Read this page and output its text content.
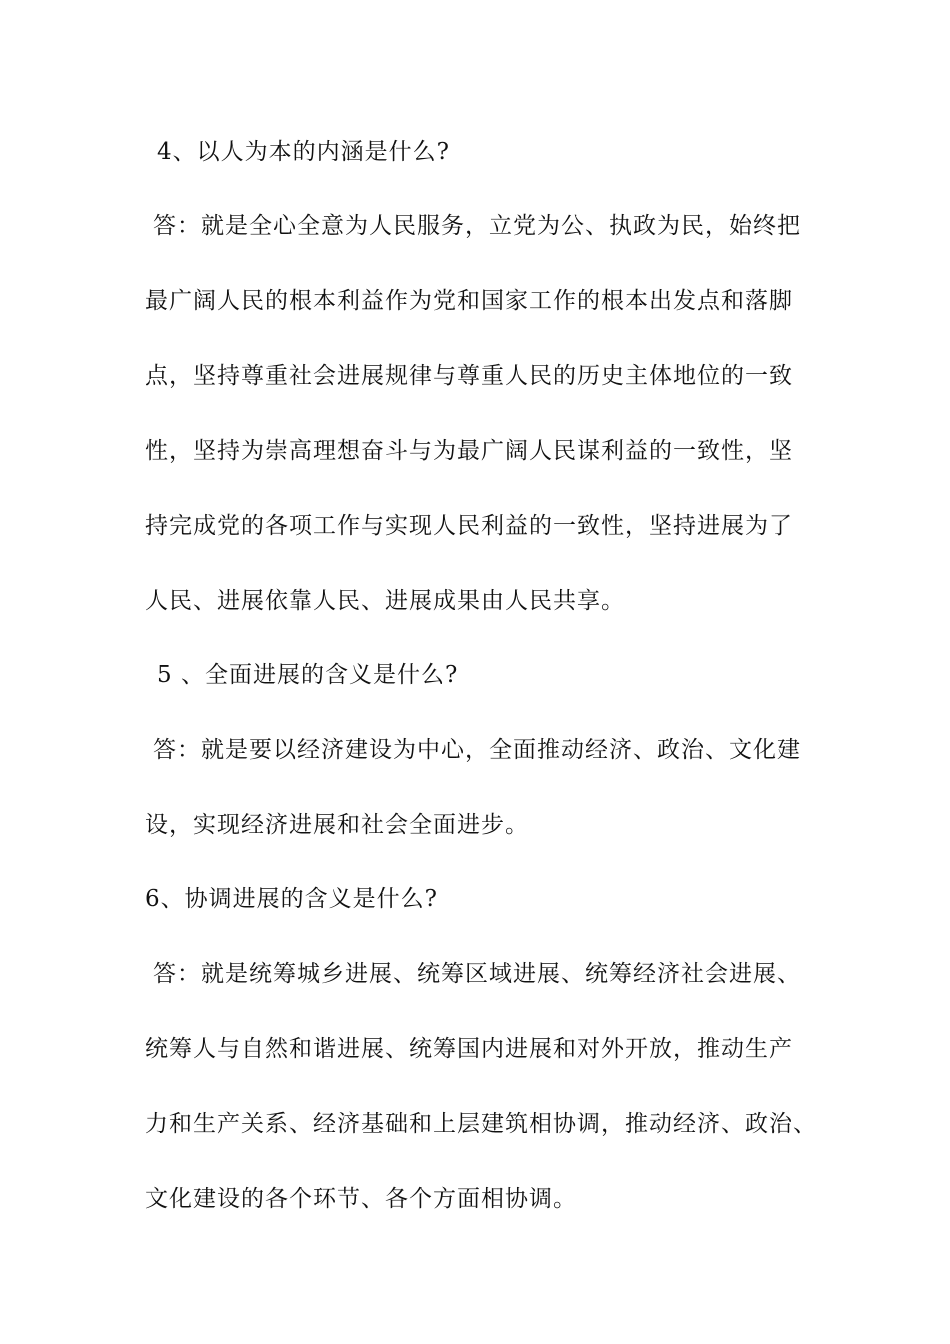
4、以人为本的内涵是什么?
答：就是全心全意为人民服务，立党为公、执政为民，始终把
最广阔人民的根本利益作为党和国家工作的根本出发点和落脚
点，坚持尊重社会进展规律与尊重人民的历史主体地位的一致
性，坚持为崇高理想奋斗与为最广阔人民谋利益的一致性，坚
持完成党的各项工作与实现人民利益的一致性，坚持进展为了
人民、进展依靠人民、进展成果由人民共享。
5 、全面进展的含义是什么?
答：就是要以经济建设为中心，全面推动经济、政治、文化建
设，实现经济进展和社会全面进步。
6、协调进展的含义是什么?
答：就是统筹城乡进展、统筹区域进展、统筹经济社会进展、
统筹人与自然和谐进展、统筹国内进展和对外开放，推动生产
力和生产关系、经济基础和上层建筑相协调，推动经济、政治、
文化建设的各个环节、各个方面相协调。
